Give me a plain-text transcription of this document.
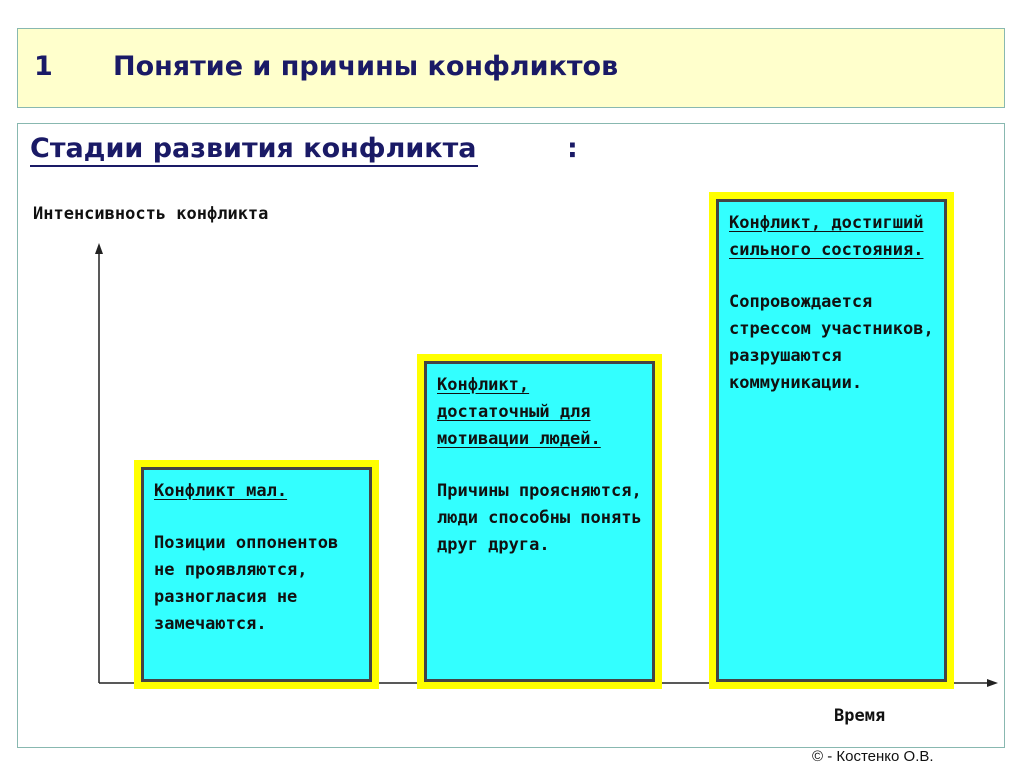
1 Понятие и причины конфликтов
Стадии развития конфликта	:
Интенсивность конфликта
Конфликт мал.
Позиции оппонентов не проявляются, разногласия не замечаются.
Конфликт, достаточный для мотивации людей.
Причины проясняются, люди способны понять друг друга.
Конфликт, достигший сильного состояния.
Сопровождается стрессом участников, разрушаются коммуникации.
Время
© - Костенко О.В.
